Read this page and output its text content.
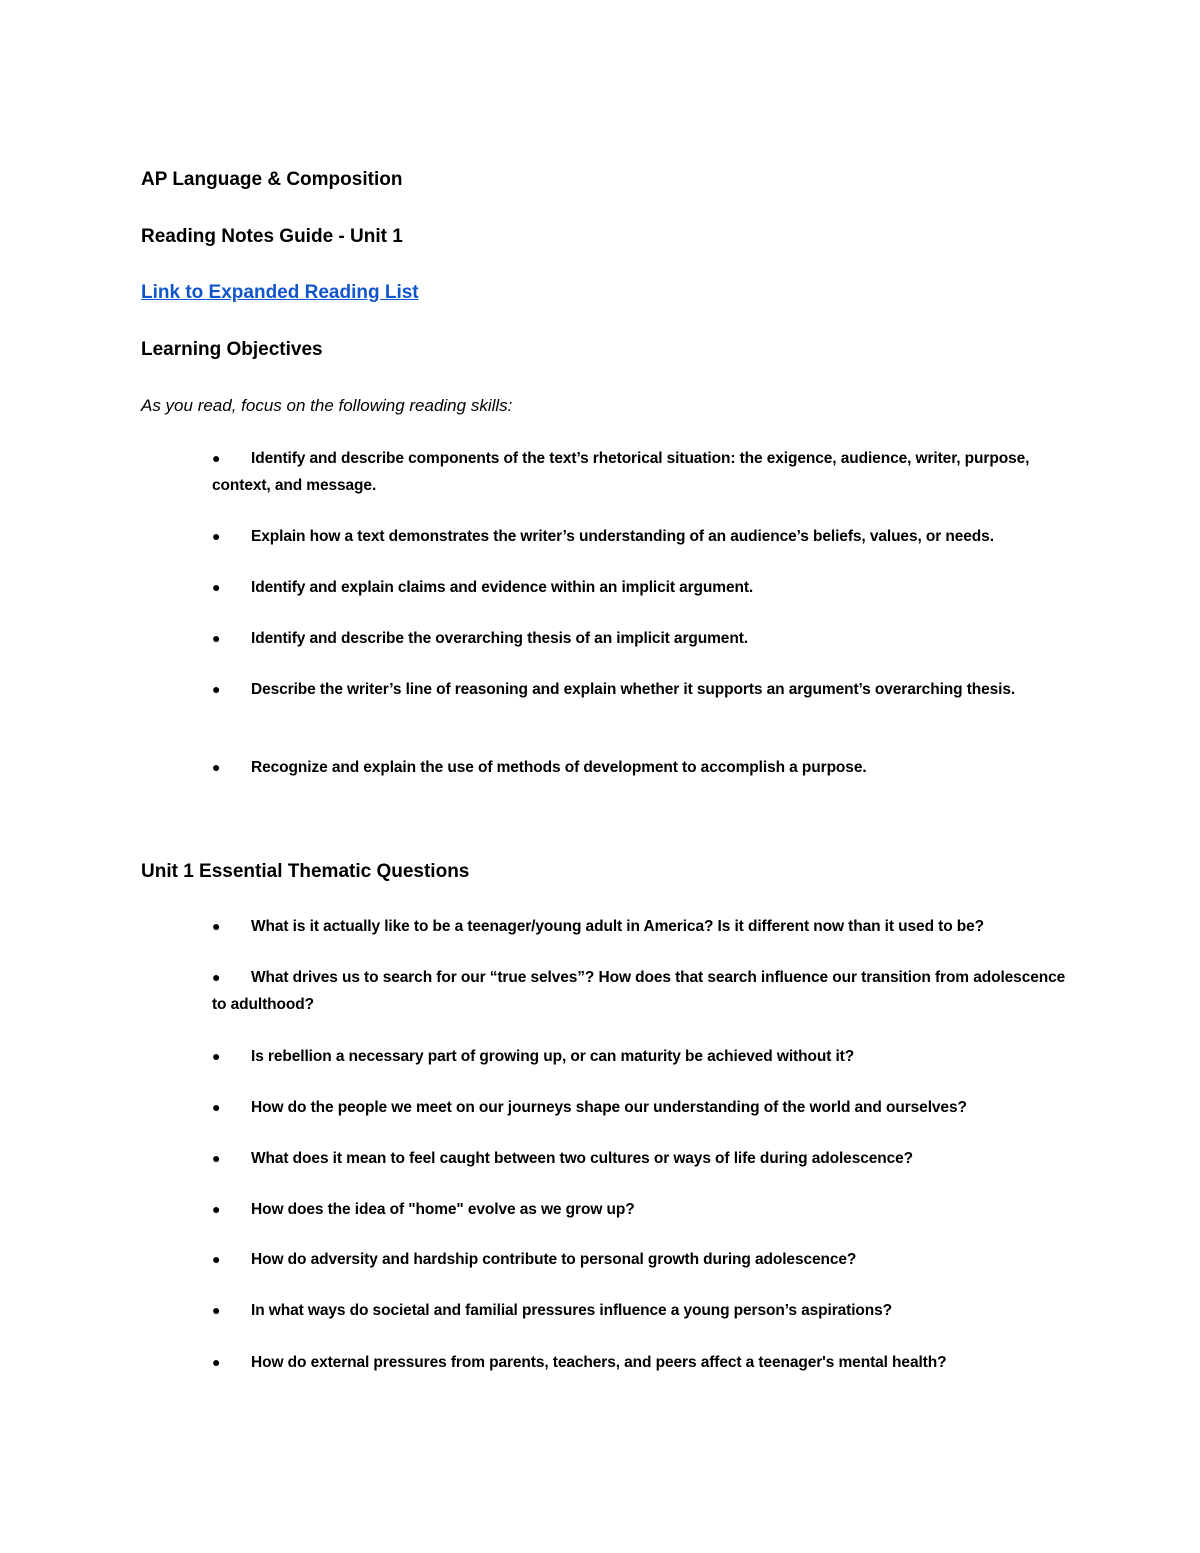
AP Language & Composition
Reading Notes Guide - Unit 1
Link to Expanded Reading List
Learning Objectives
As you read, focus on the following reading skills:
● Identify and describe components of the text’s rhetorical situation: the exigence, audience, writer, purpose, context, and message.
● Explain how a text demonstrates the writer’s understanding of an audience’s beliefs, values, or needs.
● Identify and explain claims and evidence within an implicit argument.
● Identify and describe the overarching thesis of an implicit argument.
● Describe the writer’s line of reasoning and explain whether it supports an argument’s overarching thesis.
● Recognize and explain the use of methods of development to accomplish a purpose.
Unit 1 Essential Thematic Questions
● What is it actually like to be a teenager/young adult in America? Is it different now than it used to be?
● What drives us to search for our “true selves”? How does that search influence our transition from adolescence to adulthood?
● Is rebellion a necessary part of growing up, or can maturity be achieved without it?
● How do the people we meet on our journeys shape our understanding of the world and ourselves?
● What does it mean to feel caught between two cultures or ways of life during adolescence?
● How does the idea of "home" evolve as we grow up?
● How do adversity and hardship contribute to personal growth during adolescence?
● In what ways do societal and familial pressures influence a young person’s aspirations?
● How do external pressures from parents, teachers, and peers affect a teenager's mental health?
